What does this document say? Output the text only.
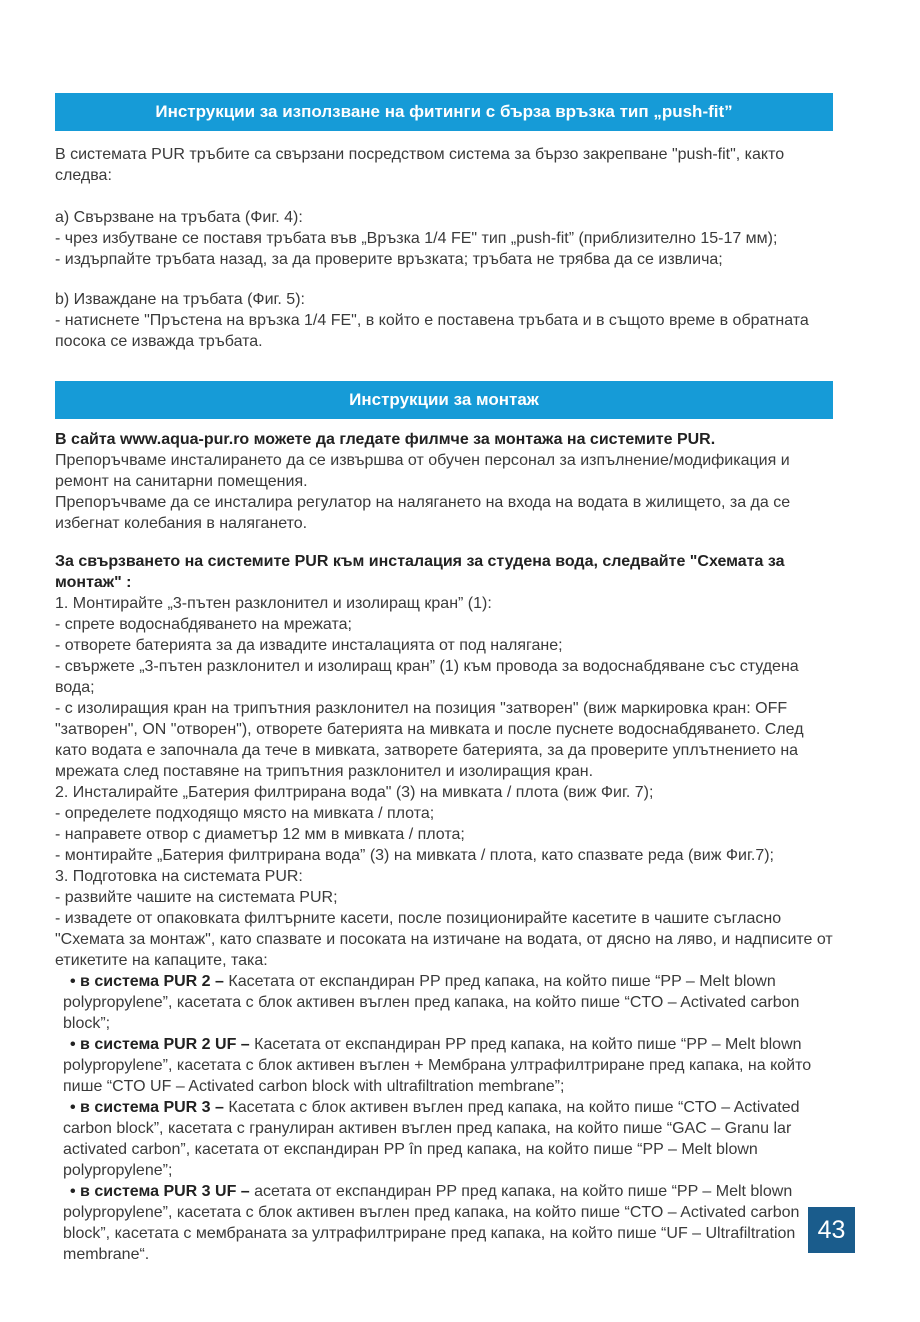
Инструкции за използване на фитинги с бърза връзка тип „push-fit”
В системата PUR тръбите са свързани посредством система за бързо закрепване "push-fit", както следва:
a) Свързване на тръбата (Фиг. 4):
- чрез избутване се поставя тръбата във „Връзка 1/4 FE" тип „push-fit” (приблизително 15-17 мм);
- издърпайте тръбата назад, за да проверите връзката; тръбата не трябва да се извлича;
b) Изваждане на тръбата (Фиг. 5):
- натиснете "Пръстена на връзка 1/4 FE", в който е поставена тръбата и в същото време в обратната посока се изважда тръбата.
Инструкции за монтаж
В сайта www.aqua-pur.ro можете да гледате филмче за монтажа на системите PUR.
Препоръчваме инсталирането да се извършва от обучен персонал за изпълнение/модификация и ремонт на санитарни помещения.
Препоръчваме да се инсталира регулатор на налягането на входа на водата в жилището, за да се избегнат колебания в налягането.
За свързването на системите PUR към инсталация за студена вода, следвайте "Схемата за монтаж" :
1. Монтирайте „3-пътен разклонител и изолиращ кран” (1):
- спрете водоснабдяването на мрежата;
- отворете батерията за да извадите инсталацията от под налягане;
- свържете „3-пътен разклонител и изолиращ кран” (1) към провода за водоснабдяване със студена вода;
- с изолиращия кран на трипътния разклонител на позиция "затворен" (виж маркировка кран: OFF "затворен", ON "отворен"), отворете батерията на мивката и после пуснете водоснабдяването. След като водата е започнала да тече в мивката, затворете батерията, за да проверите уплътнението на мрежата след поставяне на трипътния разклонител и изолиращия кран.
2. Инсталирайте „Батерия филтрирана вода" (3) на мивката / плота (виж Фиг. 7);
- определете подходящо място на мивката / плота;
- направете отвор с диаметър 12 мм в мивката / плота;
- монтирайте „Батерия филтрирана вода” (3) на мивката / плота, като спазвате реда (виж Фиг.7);
3. Подготовка на системата PUR:
- развийте чашите на системата PUR;
- извадете от опаковката филтърните касети, после позиционирайте касетите в чашите съгласно "Схемата за монтаж", като спазвате и посоката на изтичане на водата, от дясно на ляво, и надписите от етикетите на капаците, така:
• в система PUR 2 – Касетата от експандиран PP пред капака, на който пише “PP – Melt blown polypropylene”, касетата с блок активен въглен пред капака, на който пише “CTO – Activated carbon block”;
• в система PUR 2 UF – Касетата от експандиран PP пред капака, на който пише “PP – Melt blown polypropylene”, касетата с блок активен въглен + Мембрана ултрафилтриране пред капака, на който пише “CTO UF – Activated carbon block with ultrafiltration membrane”;
• в система PUR 3 – Касетата с блок активен въглен пред капака, на който пише “CTO – Activated carbon block”, касетата с гранулиран активен въглен пред капака, на който пише “GAC – Granu lar activated carbon”, касетата от експандиран PP în пред капака, на който пише “PP – Melt blown polypropylene”;
• в система PUR 3 UF – асетата от експандиран PP пред капака, на който пише “PP – Melt blown polypropylene”, касетата с блок активен въглен пред капака, на който пише “CTO – Activated carbon block”, касетата с мембраната за ултрафилтриране пред капака, на който пише “UF – Ultrafiltration membrane“.
43
